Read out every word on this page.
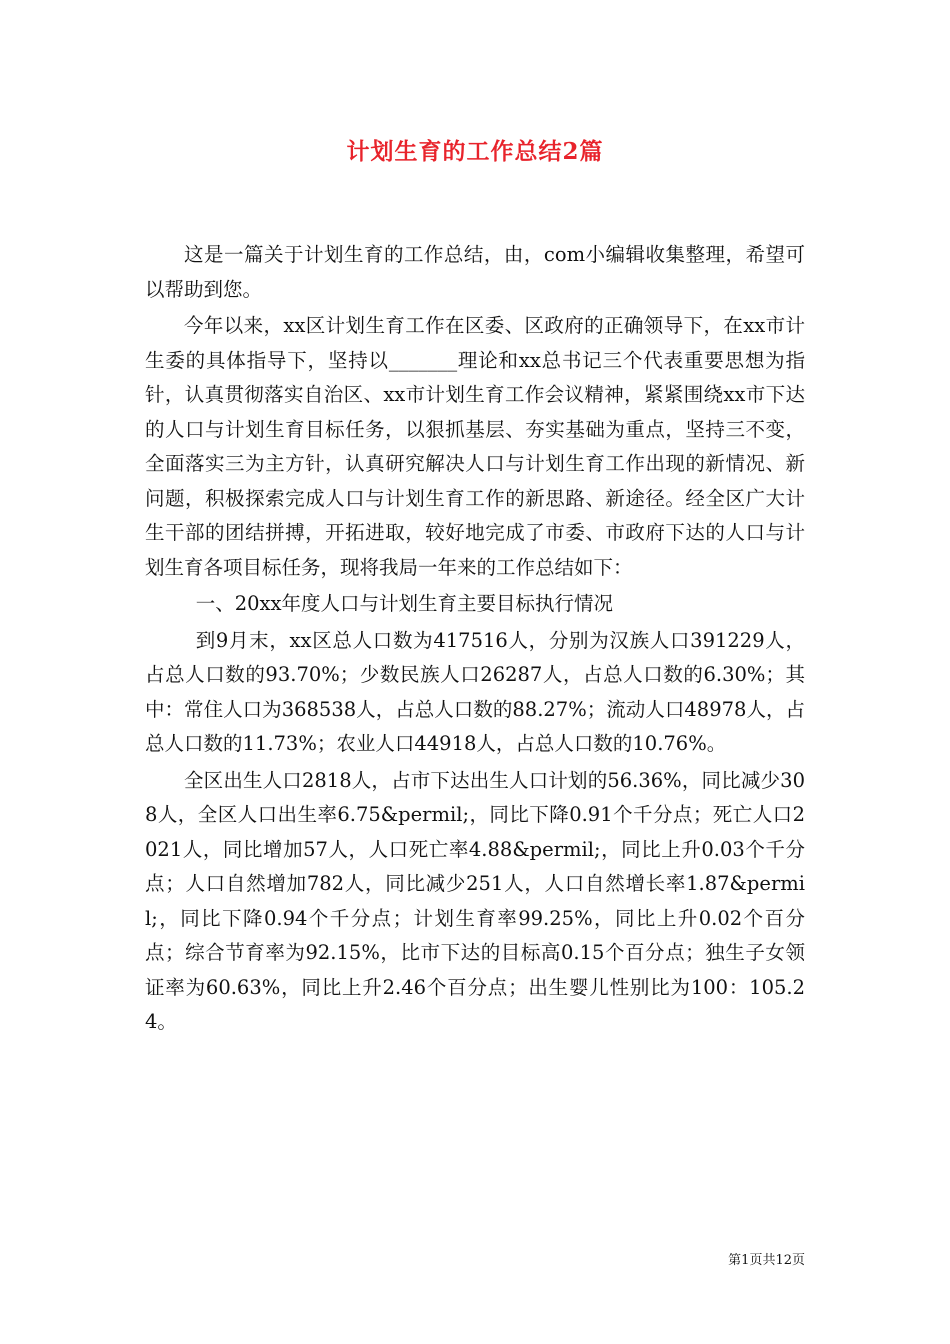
计划生育的工作总结2篇

这是一篇关于计划生育的工作总结，由，com小编辑收集整理，希望可以帮助到您。

今年以来，xx区计划生育工作在区委、区政府的正确领导下，在xx市计生委的具体指导下，坚持以_______理论和xx总书记三个代表重要思想为指针，认真贯彻落实自治区、xx市计划生育工作会议精神，紧紧围绕xx市下达的人口与计划生育目标任务，以狠抓基层、夯实基础为重点，坚持三不变，全面落实三为主方针，认真研究解决人口与计划生育工作出现的新情况、新问题，积极探索完成人口与计划生育工作的新思路、新途径。经全区广大计生干部的团结拼搏，开拓进取，较好地完成了市委、市政府下达的人口与计划生育各项目标任务，现将我局一年来的工作总结如下：

一、20xx年度人口与计划生育主要目标执行情况

到9月末，xx区总人口数为417516人，分别为汉族人口391229人，占总人口数的93.70%；少数民族人口26287人，占总人口数的6.30%；其中：常住人口为368538人，占总人口数的88.27%；流动人口48978人，占总人口数的11.73%；农业人口44918人，占总人口数的10.76%。

全区出生人口2818人，占市下达出生人口计划的56.36%，同比减少308人，全区人口出生率6.75&permil;，同比下降0.91个千分点；死亡人口2021人，同比增加57人，人口死亡率4.88&permil;，同比上升0.03个千分点；人口自然增加782人，同比减少251人，人口自然增长率1.87&permil;，同比下降0.94个千分点；计划生育率99.25%，同比上升0.02个百分点；综合节育率为92.15%，比市下达的目标高0.15个百分点；独生子女领证率为60.63%，同比上升2.46个百分点；出生婴儿性别比为100：105.24。

第1页共12页
